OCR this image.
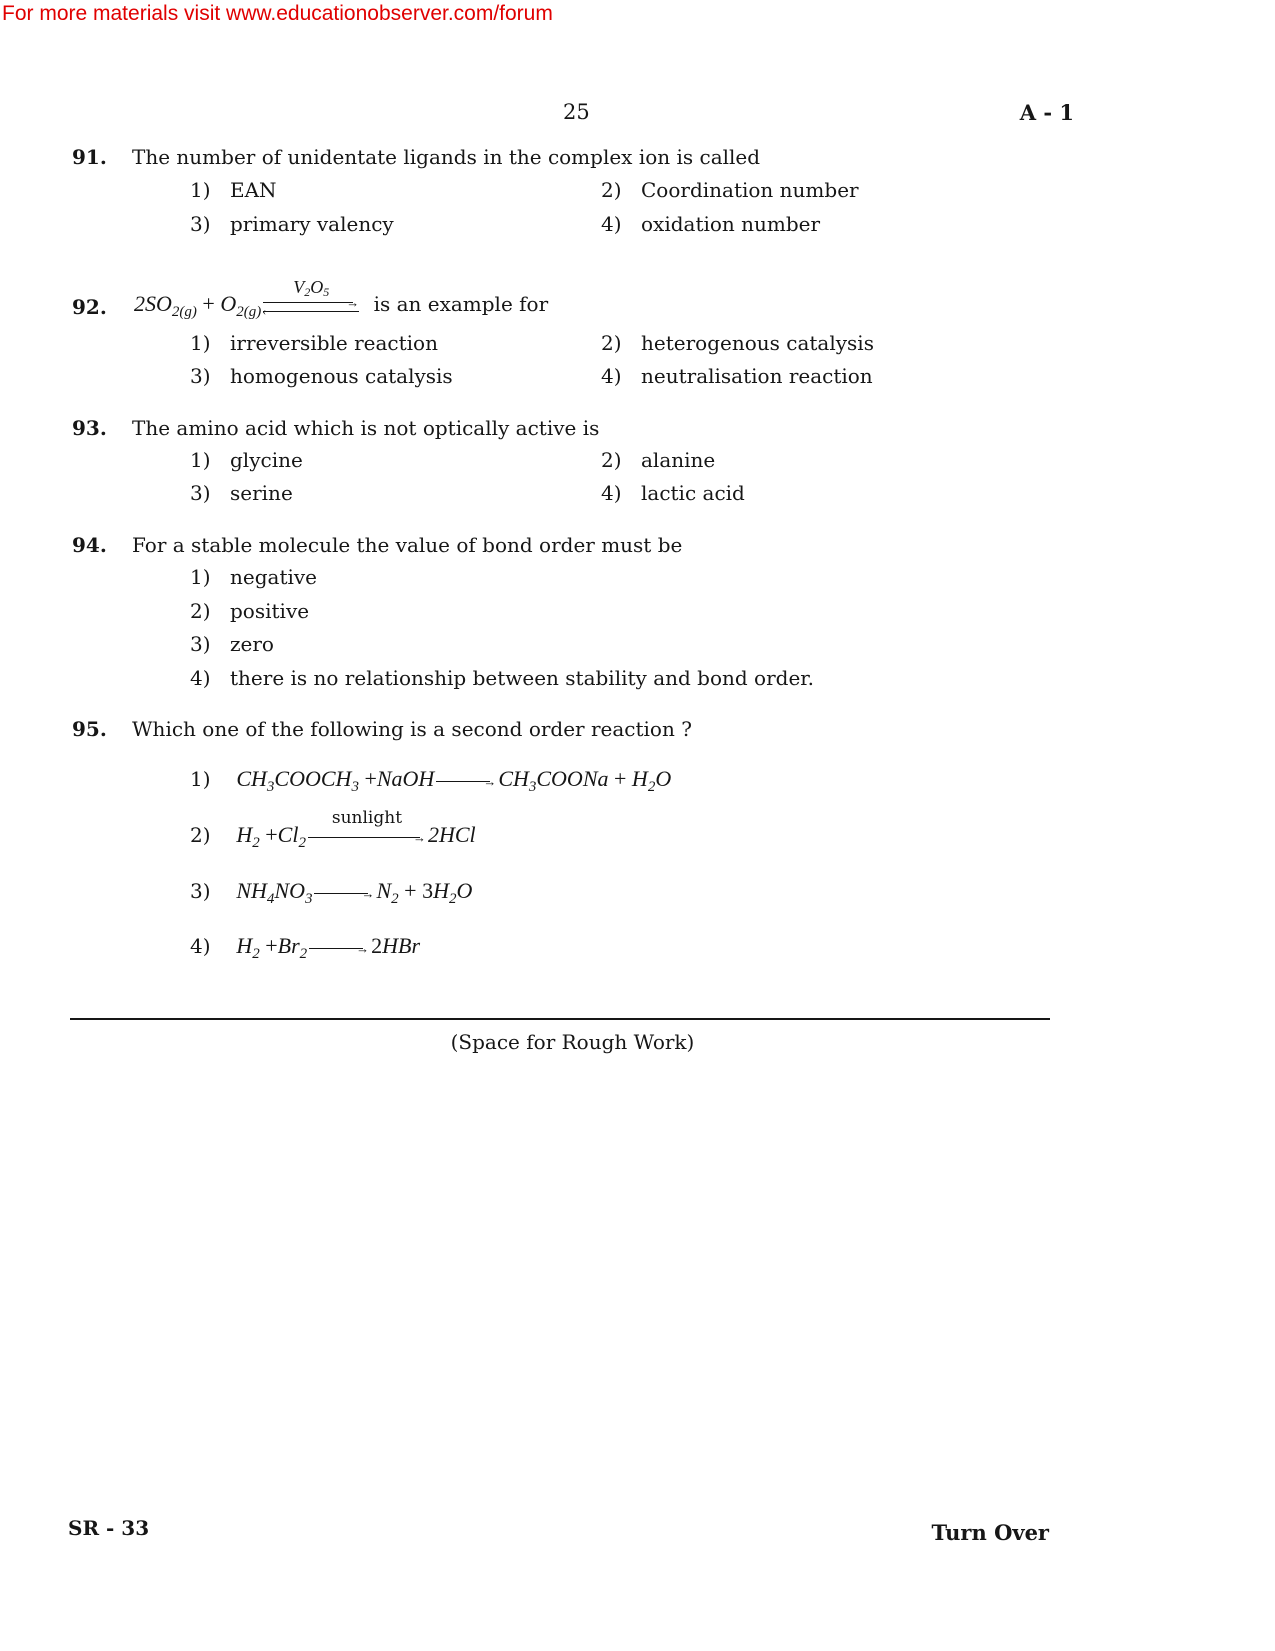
For more materials visit www.educationobserver.com/forum
25	A - 1
91. The number of unidentate ligands in the complex ion is called
1) EAN	2) Coordination number
3) primary valency	4) oxidation number
92. $2SO_{2(g)} + O_{2(g)}$
$V_2O_5$
→
‹	is an example for
1) irreversible reaction	2) heterogenous catalysis
3) homogenous catalysis	4) neutralisation reaction
93. The amino acid which is not optically active is
1) glycine	2) alanine
3) serine	4) lactic acid
94. For a stable molecule the value of bond order must be
1) negative
2) positive
3) zero
4) there is no relationship between stability and bond order.
95. Which one of the following is a second order reaction ?
1) $CH_3COOCH_3$ +NaOH	→ $CH_3COONa + H_2O$
2) $H_2 +Cl_2$
sunlight
→ 2HCl
3) $NH_4NO_3$	→ $N_2 + 3H_2O$
4) $H_2 +Br_2$	→ 2HBr
(Space for Rough Work)
SR - 33	Turn Over
